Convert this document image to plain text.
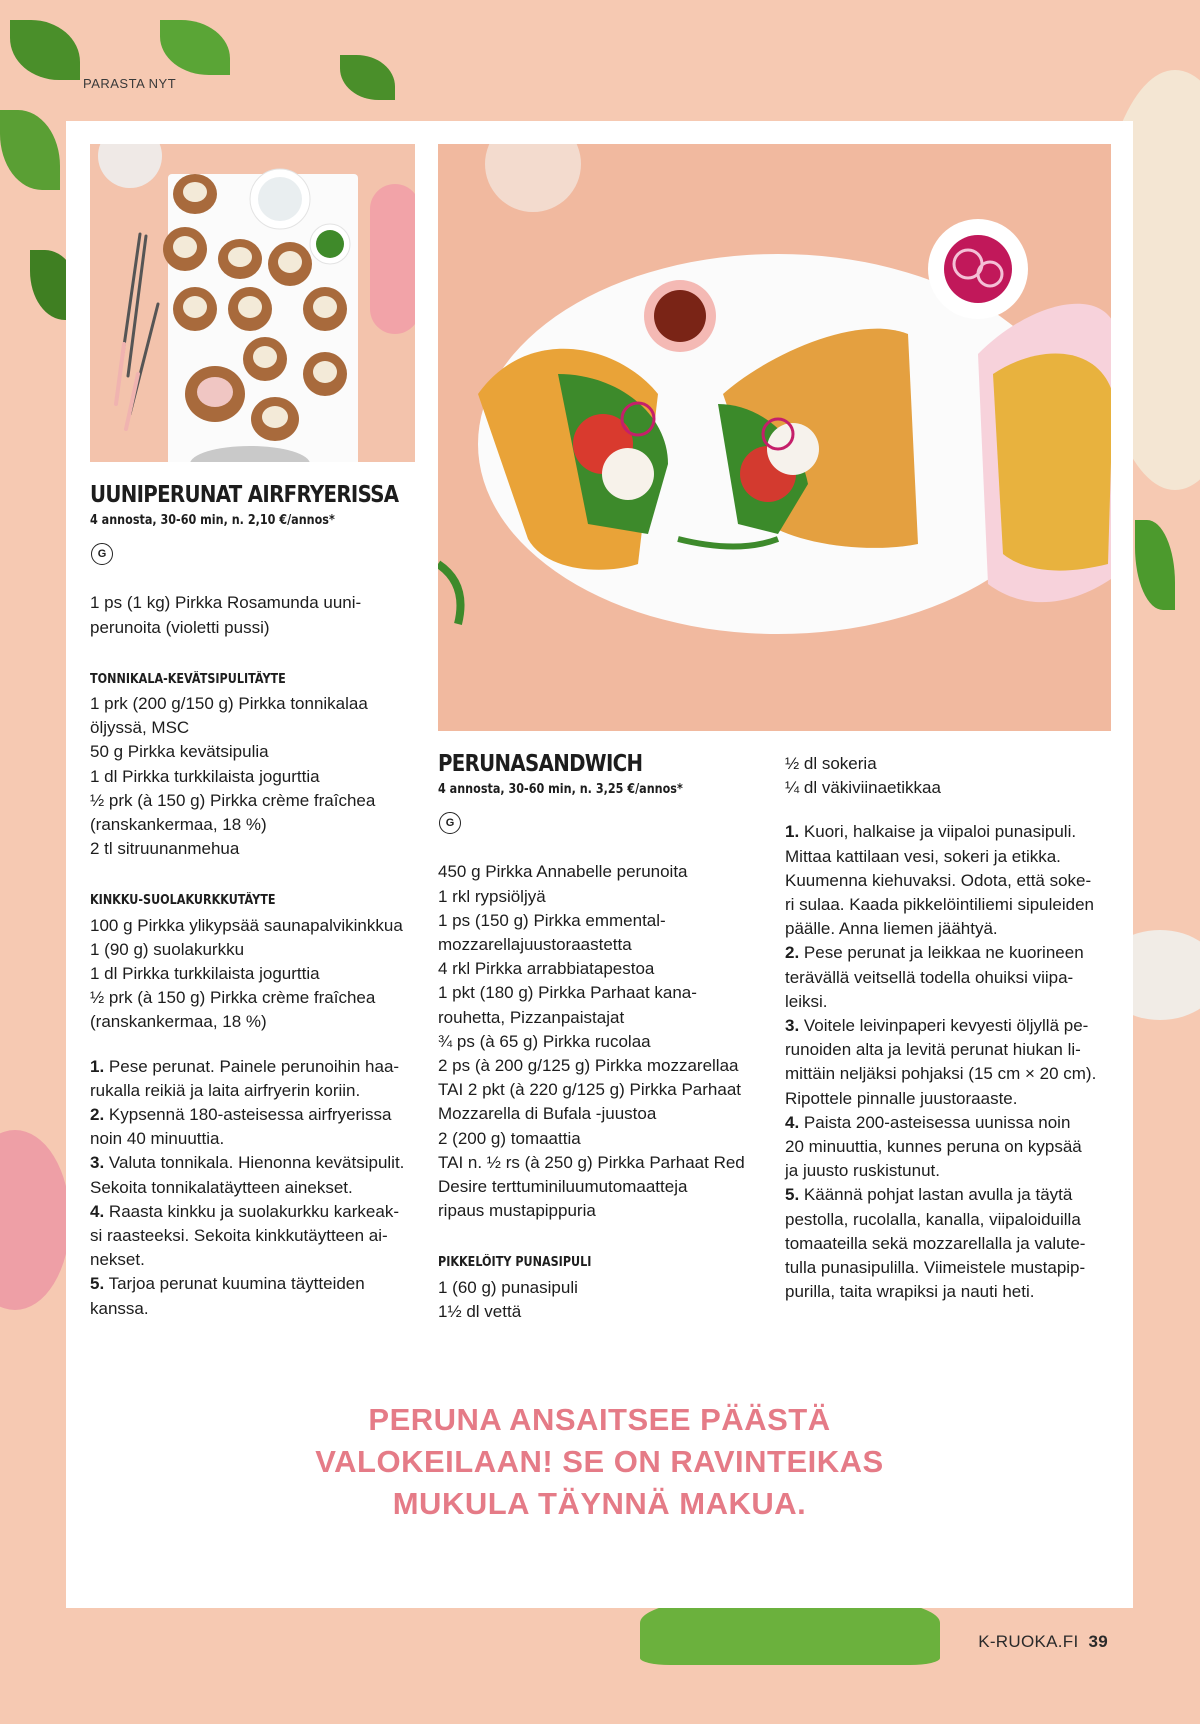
PARASTA NYT
UUNIPERUNAT AIRFRYERISSA

4 annosta, 30-60 min, n. 2,10 €/annos*

G
1 ps (1 kg) Pirkka Rosamunda uuni-
perunoita (violetti pussi)
TONNIKALA-KEVÄTSIPULITÄYTE
1 prk (200 g/150 g) Pirkka tonnikalaa
öljyssä, MSC
50 g Pirkka kevätsipulia
1 dl Pirkka turkkilaista jogurttia
½ prk (à 150 g) Pirkka crème fraîchea
(ranskankermaa, 18 %)
2 tl sitruunanmehua
KINKKU-SUOLAKURKKUTÄYTE
100 g Pirkka ylikypsää saunapalvikinkkua
1 (90 g) suolakurkku
1 dl Pirkka turkkilaista jogurttia
½ prk (à 150 g) Pirkka crème fraîchea
(ranskankermaa, 18 %)
1. Pese perunat. Painele perunoihin haa-
rukalla reikiä ja laita airfryerin koriin.
2. Kypsennä 180-asteisessa airfryerissa
noin 40 minuuttia.
3. Valuta tonnikala. Hienonna kevätsipulit.
Sekoita tonnikalatäytteen ainekset.
4. Raasta kinkku ja suolakurkku karkeak-
si raasteeksi. Sekoita kinkkutäytteen ai-
nekset.
5. Tarjoa perunat kuumina täytteiden
kanssa.
PERUNASANDWICH

4 annosta, 30-60 min, n. 3,25 €/annos*

G
450 g Pirkka Annabelle perunoita
1 rkl rypsiöljyä
1 ps (150 g) Pirkka emmental-
mozzarellajuustoraastetta
4 rkl Pirkka arrabbiatapestoa
1 pkt (180 g) Pirkka Parhaat kana-
rouhetta, Pizzanpaistajat
¾ ps (à 65 g) Pirkka rucolaa
2 ps (à 200 g/125 g) Pirkka mozzarellaa
TAI 2 pkt (à 220 g/125 g) Pirkka Parhaat
Mozzarella di Bufala -juustoa
2 (200 g) tomaattia
TAI n. ½ rs (à 250 g) Pirkka Parhaat Red
Desire terttuminiluumutomaatteja
ripaus mustapippuria
PIKKELÖITY PUNASIPULI
1 (60 g) punasipuli
1½ dl vettä
½ dl sokeria
¼ dl väkiviinaetikkaa
1. Kuori, halkaise ja viipaloi punasipuli.
Mittaa kattilaan vesi, sokeri ja etikka.
Kuumenna kiehuvaksi. Odota, että soke-
ri sulaa. Kaada pikkelöintiliemi sipuleiden
päälle. Anna liemen jäähtyä.
2. Pese perunat ja leikkaa ne kuorineen
terävällä veitsellä todella ohuiksi viipa-
leiksi.
3. Voitele leivinpaperi kevyesti öljyllä pe-
runoiden alta ja levitä perunat hiukan li-
mittäin neljäksi pohjaksi (15 cm × 20 cm).
Ripottele pinnalle juustoraaste.
4. Paista 200-asteisessa uunissa noin
20 minuuttia, kunnes peruna on kypsää
ja juusto ruskistunut.
5. Käännä pohjat lastan avulla ja täytä
pestolla, rucolalla, kanalla, viipaloiduilla
tomaateilla sekä mozzarellalla ja valute-
tulla punasipulilla. Viimeistele mustapip-
purilla, taita wrapiksi ja nauti heti.
PERUNA ANSAITSEE PÄÄSTÄ
VALOKEILAAN! SE ON RAVINTEIKAS
MUKULA TÄYNNÄ MAKUA.
K-RUOKA.FI 39
